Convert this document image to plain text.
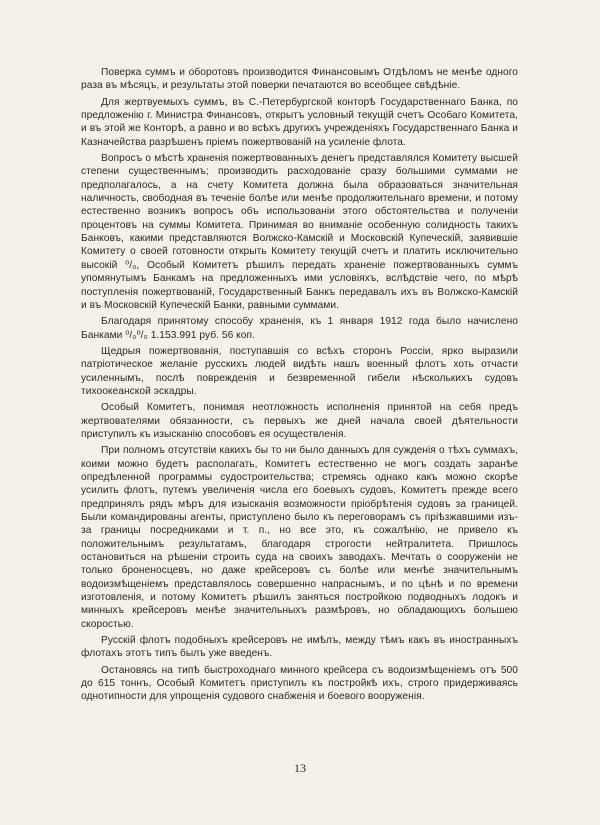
Поверка суммъ и оборотовъ производится Финансовымъ Отдѣломъ не менѣе одного раза въ мѣсяцъ, и результаты этой поверки печатаются во всеобщее свѣдѣніе.

Для жертвуемыхъ суммъ, въ С.-Петербургской конторѣ Государственнаго Банка, по предложенію г. Министра Финансовъ, открытъ условный текущій счетъ Особаго Комитета, и въ этой же Конторѣ, а равно и во всѣхъ другихъ учрежденіяхъ Государственнаго Банка и Казначейства разрѣшенъ пріемъ пожертвованій на усиленіе флота.

Вопросъ о мѣстѣ храненія пожертвованныхъ денегъ представлялся Комитету высшей степени существеннымъ; производить расходованіе сразу большими суммами не предполагалось, а на счету Комитета должна была образоваться значительная наличность, свободная въ теченіе болѣе или менѣе продолжительнаго времени, и потому естественно возникъ вопросъ объ использованіи этого обстоятельства и полученіи процентовъ на суммы Комитета. Принимая во вниманіе особенную солидность такихъ Банковъ, какими представляются Волжско-Камскій и Московскій Купеческій, заявившіе Комитету о своей готовности открыть Комитету текущій счетъ и платить исключительно высокій ⁰/₀, Особый Комитетъ рѣшилъ передать храненіе пожертвованныхъ суммъ упомянутымъ Банкамъ на предложенныхъ ими условіяхъ, вслѣдствіе чего, по мѣрѣ поступленія пожертвованій, Государственный Банкъ передавалъ ихъ въ Волжско-Камскій и въ Московскій Купеческій Банки, равными суммами.

Благодаря принятому способу храненія, къ 1 января 1912 года было начислено Банками ⁰/₀⁰/₀ 1.153.991 руб. 56 коп.

Щедрыя пожертвованія, поступавшія со всѣхъ сторонъ Россіи, ярко выразили патріотическое желаніе русскихъ людей видѣть нашъ военный флотъ хоть отчасти усиленнымъ, послѣ поврежденія и безвременной гибели нѣсколькихъ судовъ тихоокеанской эскадры.

Особый Комитетъ, понимая неотложность исполненія принятой на себя предъ жертвователями обязанности, съ первыхъ же дней начала своей дѣятельности приступилъ къ изысканію способовъ ея осуществленія.

При полномъ отсутствіи какихъ бы то ни было данныхъ для сужденія о тѣхъ суммахъ, коими можно будетъ располагать, Комитетъ естественно не могъ создать заранѣе опредѣленной программы судостроительства; стремясь однако какъ можно скорѣе усилить флотъ, путемъ увеличенія числа его боевыхъ судовъ, Комитетъ прежде всего предпринялъ рядъ мѣръ для изысканія возможности пріобрѣтенія судовъ за границей. Были командированы агенты, приступлено было къ переговорамъ съ пріѣзжавшими изъ-за границы посредниками и т. п., но все это, къ сожалѣнію, не привело къ положительнымъ результатамъ, благодаря строгости нейтралитета. Пришлось остановиться на рѣшеніи строить суда на своихъ заводахъ. Мечтать о сооруженіи не только броненосцевъ, но даже крейсеровъ съ болѣе или менѣе значительнымъ водоизмѣщеніемъ представлялось совершенно напраснымъ, и по цѣнѣ и по времени изготовленія, и потому Комитетъ рѣшилъ заняться постройкою подводныхъ лодокъ и минныхъ крейсеровъ менѣе значительныхъ размѣровъ, но обладающихъ большею скоростью.

Русскій флотъ подобныхъ крейсеровъ не имѣлъ, между тѣмъ какъ въ иностранныхъ флотахъ этотъ типъ былъ уже введенъ.

Остановясь на типѣ быстроходнаго минного крейсера съ водоизмѣщеніемъ отъ 500 до 615 тоннъ, Особый Комитетъ приступилъ къ постройкѣ ихъ, строго придерживаясь однотипности для упрощенія судового снабженія и боевого вооруженія.

13
